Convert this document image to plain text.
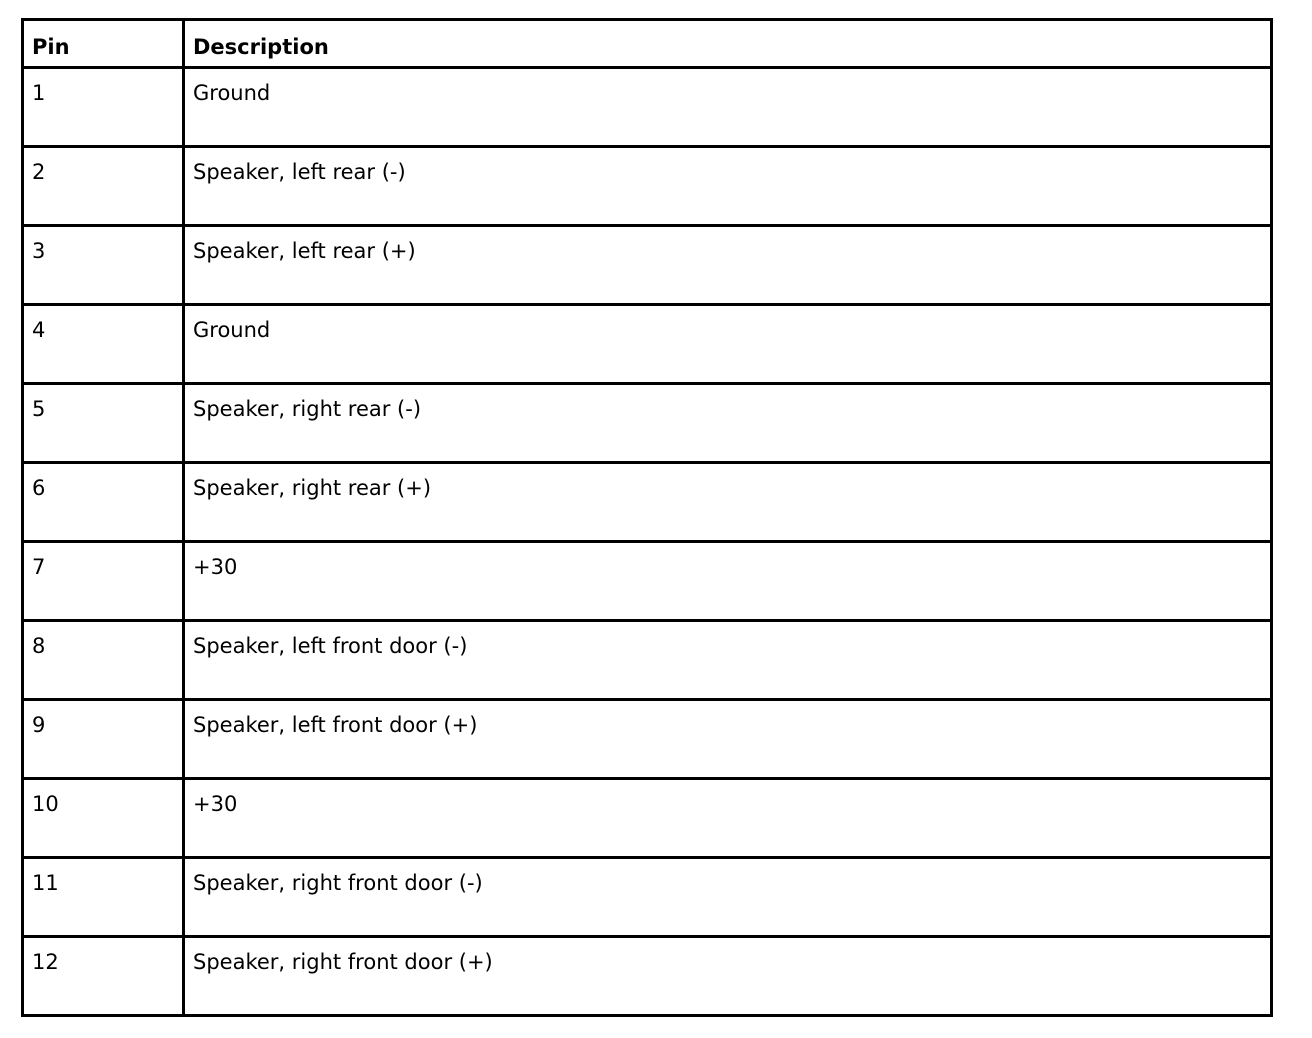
Pin	Description
1	Ground
2	Speaker, left rear (-)
3	Speaker, left rear (+)
4	Ground
5	Speaker, right rear (-)
6	Speaker, right rear (+)
7	+30
8	Speaker, left front door (-)
9	Speaker, left front door (+)
10	+30
11	Speaker, right front door (-)
12	Speaker, right front door (+)
